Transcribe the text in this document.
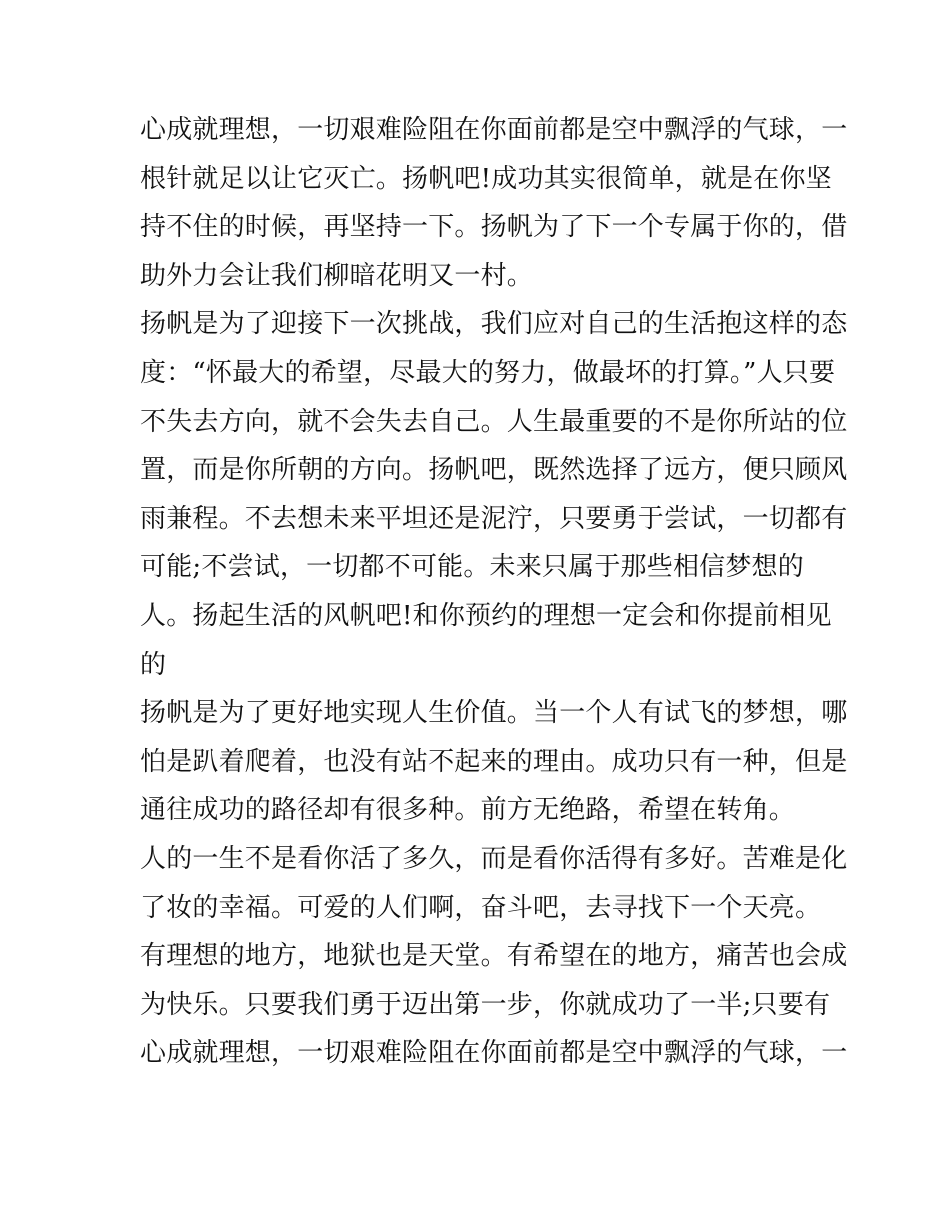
心成就理想，一切艰难险阻在你面前都是空中飘浮的气球，一
根针就足以让它灭亡。扬帆吧!成功其实很简单，就是在你坚
持不住的时候，再坚持一下。扬帆为了下一个专属于你的，借
助外力会让我们柳暗花明又一村。
扬帆是为了迎接下一次挑战，我们应对自己的生活抱这样的态
度：“怀最大的希望，尽最大的努力，做最坏的打算。”人只要
不失去方向，就不会失去自己。人生最重要的不是你所站的位
置，而是你所朝的方向。扬帆吧，既然选择了远方，便只顾风
雨兼程。不去想未来平坦还是泥泞，只要勇于尝试，一切都有
可能;不尝试，一切都不可能。未来只属于那些相信梦想的
人。扬起生活的风帆吧!和你预约的理想一定会和你提前相见
的
扬帆是为了更好地实现人生价值。当一个人有试飞的梦想，哪
怕是趴着爬着，也没有站不起来的理由。成功只有一种，但是
通往成功的路径却有很多种。前方无绝路，希望在转角。
人的一生不是看你活了多久，而是看你活得有多好。苦难是化
了妆的幸福。可爱的人们啊，奋斗吧，去寻找下一个天亮。
有理想的地方，地狱也是天堂。有希望在的地方，痛苦也会成
为快乐。只要我们勇于迈出第一步，你就成功了一半;只要有
心成就理想，一切艰难险阻在你面前都是空中飘浮的气球，一
